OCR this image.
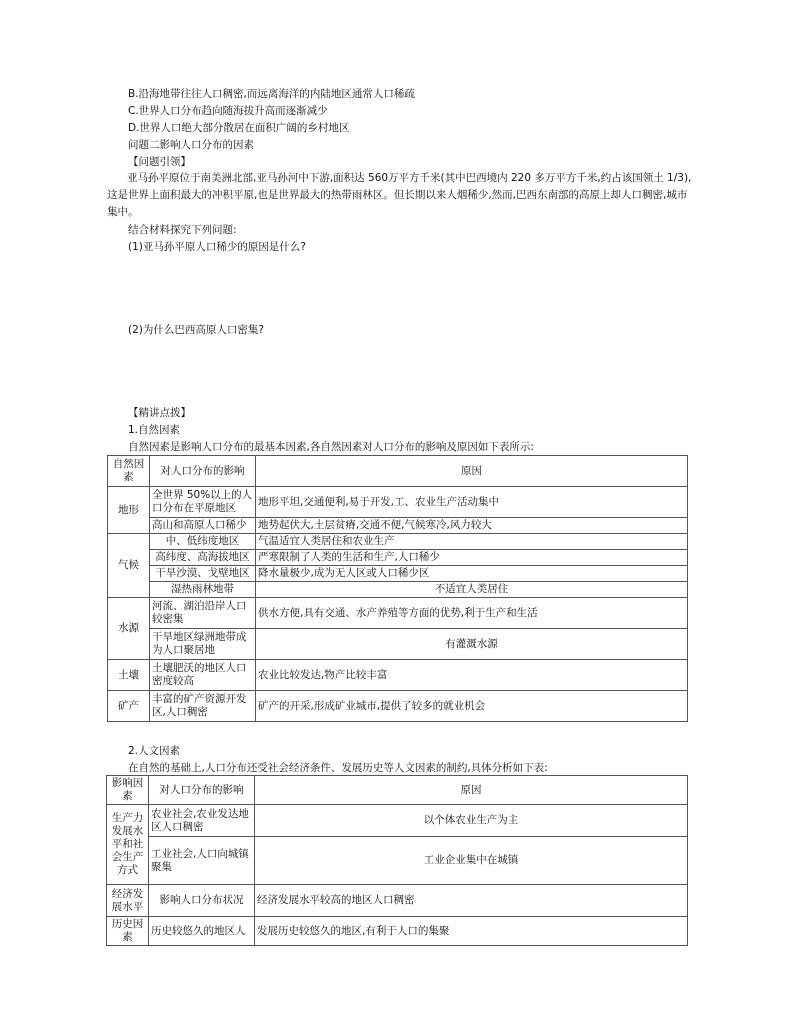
B.沿海地带往往人口稠密,而远离海洋的内陆地区通常人口稀疏
C.世界人口分布趋向随海拔升高而逐渐减少
D.世界人口绝大部分散居在面积广阔的乡村地区
问题二影响人口分布的因素
【问题引领】
亚马孙平原位于南美洲北部,亚马孙河中下游,面积达 560万平方千米(其中巴西境内 220 多万平方千米,约占该国领土 1/3),这是世界上面积最大的冲积平原,也是世界最大的热带雨林区。但长期以来人烟稀少,然而,巴西东南部的高原上却人口稠密,城市集中。
结合材料探究下列问题:
(1)亚马孙平原人口稀少的原因是什么?
(2)为什么巴西高原人口密集?
【精讲点拨】
1.自然因素
自然因素是影响人口分布的最基本因素,各自然因素对人口分布的影响及原因如下表所示:
自然因素	对人口分布的影响	原因
地形	全世界 50%以上的人口分布在平原地区	地形平坦,交通便利,易于开发,工、农业生产活动集中
	高山和高原人口稀少	地势起伏大,土层贫瘠,交通不便,气候寒冷,风力较大
气候	中、低纬度地区	气温适宜人类居住和农业生产
	高纬度、高海拔地区	严寒限制了人类的生活和生产,人口稀少
	干旱沙漠、戈壁地区	降水量极少,成为无人区或人口稀少区
	湿热雨林地带	不适宜人类居住
水源	河流、湖泊沿岸人口较密集	供水方便,具有交通、水产养殖等方面的优势,利于生产和生活
	干旱地区绿洲地带成为人口聚居地	有灌溉水源
土壤	土壤肥沃的地区人口密度较高	农业比较发达,物产比较丰富
矿产	丰富的矿产资源开发区,人口稠密	矿产的开采,形成矿业城市,提供了较多的就业机会
2.人文因素
在自然的基础上,人口分布还受社会经济条件、发展历史等人文因素的制约,具体分析如下表:
影响因素	对人口分布的影响	原因
生产力发展水平和社会生产方式	农业社会,农业发达地区人口稠密	以个体农业生产为主
	工业社会,人口向城镇聚集	工业企业集中在城镇
经济发展水平	影响人口分布状况	经济发展水平较高的地区人口稠密
历史因素	历史较悠久的地区人	发展历史较悠久的地区,有利于人口的集聚
